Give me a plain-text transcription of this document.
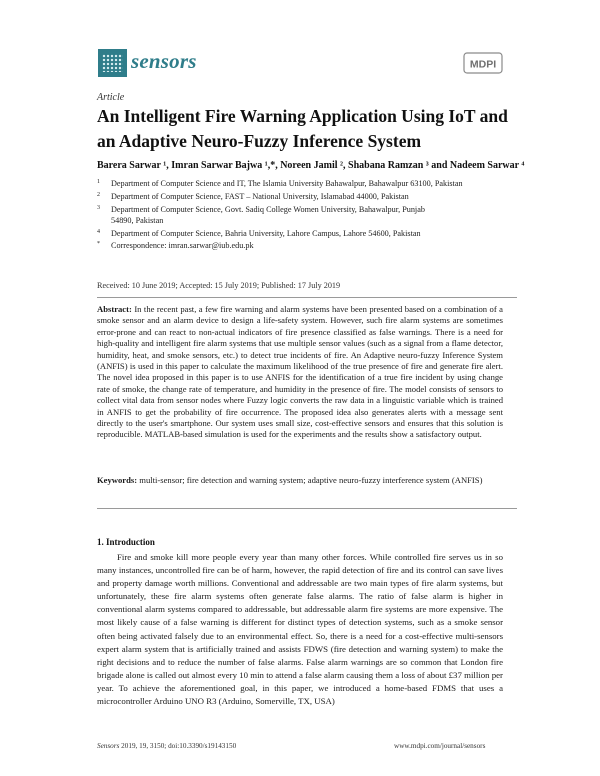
sensors	MDPI
Article
An Intelligent Fire Warning Application Using IoT and an Adaptive Neuro-Fuzzy Inference System
Barera Sarwar ¹, Imran Sarwar Bajwa ¹,*, Noreen Jamil ², Shabana Ramzan ³ and Nadeem Sarwar ⁴
1 Department of Computer Science and IT, The Islamia University Bahawalpur, Bahawalpur 63100, Pakistan
2 Department of Computer Science, FAST – National University, Islamabad 44000, Pakistan
3 Department of Computer Science, Govt. Sadiq College Women University, Bahawalpur, Punjab 54890, Pakistan
4 Department of Computer Science, Bahria University, Lahore Campus, Lahore 54600, Pakistan
* Correspondence: imran.sarwar@iub.edu.pk
Received: 10 June 2019; Accepted: 15 July 2019; Published: 17 July 2019
Abstract: In the recent past, a few fire warning and alarm systems have been presented based on a combination of a smoke sensor and an alarm device to design a life-safety system. However, such fire alarm systems are sometimes error-prone and can react to non-actual indicators of fire presence classified as false warnings. There is a need for high-quality and intelligent fire alarm systems that use multiple sensor values (such as a signal from a flame detector, humidity, heat, and smoke sensors, etc.) to detect true incidents of fire. An Adaptive neuro-fuzzy Inference System (ANFIS) is used in this paper to calculate the maximum likelihood of the true presence of fire and generate fire alert. The novel idea proposed in this paper is to use ANFIS for the identification of a true fire incident by using change rate of smoke, the change rate of temperature, and humidity in the presence of fire. The model consists of sensors to collect vital data from sensor nodes where Fuzzy logic converts the raw data in a linguistic variable which is trained in ANFIS to get the probability of fire occurrence. The proposed idea also generates alerts with a message sent directly to the user's smartphone. Our system uses small size, cost-effective sensors and ensures that this solution is reproducible. MATLAB-based simulation is used for the experiments and the results show a satisfactory output.
Keywords: multi-sensor; fire detection and warning system; adaptive neuro-fuzzy interference system (ANFIS)
1. Introduction
Fire and smoke kill more people every year than many other forces. While controlled fire serves us in so many instances, uncontrolled fire can be of harm, however, the rapid detection of fire and its control can save lives and property damage worth millions. Conventional and addressable are two main types of fire alarm systems, but unfortunately, these fire alarm systems often generate false alarms. The ratio of false alarm is higher in conventional alarm systems compared to addressable, but addressable alarm fire systems are more expensive. The most likely cause of a false warning is different for distinct types of detection systems, such as a smoke sensor often being activated falsely due to an environmental effect. So, there is a need for a cost-effective multi-sensors expert alarm system that is artificially trained and assists FDWS (fire detection and warning system) to make the right decisions and to reduce the number of false alarms. False alarm warnings are so common that London fire brigade alone is called out almost every 10 min to attend a false alarm causing them a loss of about £37 million per year. To achieve the aforementioned goal, in this paper, we introduced a home-based FDMS that uses a microcontroller Arduino UNO R3 (Arduino, Somerville, TX, USA)
Sensors 2019, 19, 3150; doi:10.3390/s19143150	www.mdpi.com/journal/sensors
